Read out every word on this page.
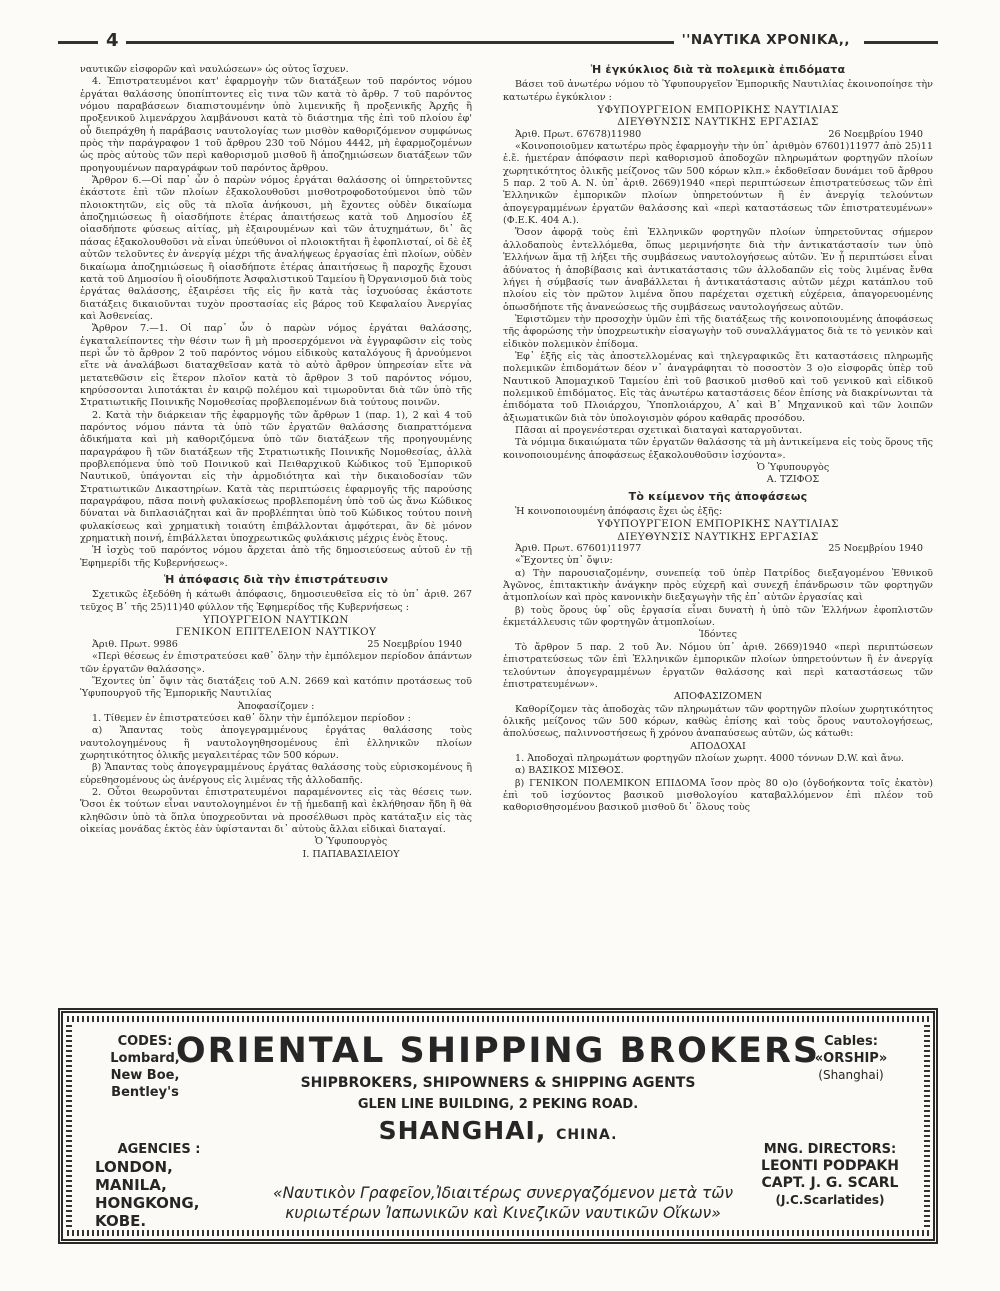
4	''ΝΑΥΤΙΚΑ ΧΡΟΝΙΚΑ,,

ναυτικῶν εἰσφορῶν καὶ ναυλώσεων» ὡς οὗτος ἴσχυεν.

4. Ἐπιστρατευμένοι κατ' ἐφαρμογὴν τῶν διατάξεων τοῦ παρόντος νόμου ἐργάται θαλάσσης ὑποπίπτοντες εἰς τινα τῶν κατὰ τὸ ἄρθρ. 7 τοῦ παρόντος νόμου παραβάσεων διαπιστουμένην ὑπὸ λιμενικῆς ἢ προξενικῆς Ἀρχῆς ἢ προξενικοῦ λιμενάρχου λαμβάνουσι κατὰ τὸ διάστημα τῆς ἐπὶ τοῦ πλοίου ἐφ' οὗ διεπράχθη ἡ παράβασις ναυτολογίας των μισθὸν καθοριζόμενον συμφώνως πρὸς τὴν παράγραφον 1 τοῦ ἄρθρου 230 τοῦ Νόμου 4442, μὴ ἐφαρμοζομένων ὡς πρὸς αὐτοὺς τῶν περὶ καθορισμοῦ μισθοῦ ἢ ἀποζημιώσεων διατάξεων τῶν προηγουμένων παραγράφων τοῦ παρόντος ἄρθρου.

Ἄρθρον 6.—Οἱ παρ᾽ ὧν ὁ παρὼν νόμος ἐργάται θαλάσσης οἱ ὑπηρετοῦντες ἑκάστοτε ἐπὶ τῶν πλοίων ἐξακολουθοῦσι μισθοτροφοδοτούμενοι ὑπὸ τῶν πλοιοκτητῶν, εἰς οὓς τὰ πλοῖα ἀνήκουσι, μὴ ἔχοντες οὐδὲν δικαίωμα ἀποζημιώσεως ἢ οἱασδήποτε ἑτέρας ἀπαιτήσεως κατὰ τοῦ Δημοσίου ἐξ οἱασδήποτε φύσεως αἰτίας, μὴ ἐξαιρουμένων καὶ τῶν ἀτυχημάτων, δι᾽ ἃς πάσας ἐξακολουθοῦσι νὰ εἶναι ὑπεύθυνοι οἱ πλοιοκτῆται ἢ ἐφοπλισταί, οἱ δὲ ἐξ αὐτῶν τελοῦντες ἐν ἀνεργίᾳ μέχρι τῆς ἀναλήψεως ἐργασίας ἐπὶ πλοίων, οὐδὲν δικαίωμα ἀποζημιώσεως ἢ οἱασδήποτε ἑτέρας ἀπαιτήσεως ἢ παροχῆς ἔχουσι κατὰ τοῦ Δημοσίου ἢ οἱουδήποτε Ἀσφαλιστικοῦ Ταμείου ἢ Ὀργανισμοῦ διὰ τοὺς ἐργάτας θαλάσσης, ἐξαιρέσει τῆς εἰς ἣν κατὰ τὰς ἰσχυούσας ἑκάστοτε διατάξεις δικαιοῦνται τυχὸν προστασίας εἰς βάρος τοῦ Κεφαλαίου Ἀνεργίας καὶ Ἀσθενείας.

Ἄρθρον 7.—1. Οἱ παρ᾽ ὧν ὁ παρὼν νόμος ἐργάται θαλάσσης, ἐγκαταλείποντες τὴν θέσιν των ἢ μὴ προσερχόμενοι νὰ ἐγγραφῶσιν εἰς τοὺς περὶ ὧν τὸ ἄρθρον 2 τοῦ παρόντος νόμου εἰδικοὺς καταλόγους ἢ ἀρνούμενοι εἴτε νὰ ἀναλάβωσι διαταχθεῖσαν κατὰ τὸ αὐτὸ ἄρθρον ὑπηρεσίαν εἴτε νὰ μετατεθῶσιν εἰς ἕτερον πλοῖον κατὰ τὸ ἄρθρον 3 τοῦ παρόντος νόμου, κηρύσσονται λιποτάκται ἐν καιρῷ πολέμου καὶ τιμωροῦνται διὰ τῶν ὑπὸ τῆς Στρατιωτικῆς Ποινικῆς Νομοθεσίας προβλεπομένων διὰ τούτους ποινῶν.

2. Κατὰ τὴν διάρκειαν τῆς ἐφαρμογῆς τῶν ἄρθρων 1 (παρ. 1), 2 καὶ 4 τοῦ παρόντος νόμου πάντα τὰ ὑπὸ τῶν ἐργατῶν θαλάσσης διαπραττόμενα ἀδικήματα καὶ μὴ καθοριζόμενα ὑπὸ τῶν διατάξεων τῆς προηγουμένης παραγράφου ἢ τῶν διατάξεων τῆς Στρατιωτικῆς Ποινικῆς Νομοθεσίας, ἀλλὰ προβλεπόμενα ὑπὸ τοῦ Ποινικοῦ καὶ Πειθαρχικοῦ Κώδικος τοῦ Ἐμπορικοῦ Ναυτικοῦ, ὑπάγονται εἰς τὴν ἁρμοδιότητα καὶ τὴν δικαιοδοσίαν τῶν Στρατιωτικῶν Δικαστηρίων. Κατὰ τὰς περιπτώσεις ἐφαρμογῆς τῆς παρούσης παραγράφου, πᾶσα ποινὴ φυλακίσεως προβλεπομένη ὑπὸ τοῦ ὡς ἄνω Κώδικος δύναται νὰ διπλασιάζηται καὶ ἂν προβλέπηται ὑπὸ τοῦ Κώδικος τούτου ποινὴ φυλακίσεως καὶ χρηματικὴ τοιαύτη ἐπιβάλλονται ἀμφότεραι, ἂν δὲ μόνον χρηματικὴ ποινή, ἐπιβάλλεται ὑποχρεωτικῶς φυλάκισις μέχρις ἑνὸς ἔτους.

Ἡ ἰσχὺς τοῦ παρόντος νόμου ἄρχεται ἀπὸ τῆς δημοσιεύσεως αὐτοῦ ἐν τῇ Ἐφημερίδι τῆς Κυβερνήσεως».

Ἡ ἀπόφασις διὰ τὴν ἐπιστράτευσιν

Σχετικῶς ἐξεδόθη ἡ κάτωθι ἀπόφασις, δημοσιευθεῖσα εἰς τὸ ὑπ᾽ ἀριθ. 267 τεῦχος Β᾽ τῆς 25)11)40 φύλλον τῆς Ἐφημερίδος τῆς Κυβερνήσεως :

ΥΠΟΥΡΓΕΙΟΝ ΝΑΥΤΙΚΩΝ
ΓΕΝΙΚΟΝ ΕΠΙΤΕΛΕΙΟΝ ΝΑΥΤΙΚΟΥ
Ἀριθ. Πρωτ. 9986	25 Νοεμβρίου 1940

«Περὶ θέσεως ἐν ἐπιστρατεύσει καθ᾽ ὅλην τὴν ἐμπόλεμον περίοδον ἁπάντων τῶν ἐργατῶν θαλάσσης».

Ἔχοντες ὑπ᾽ ὄψιν τὰς διατάξεις τοῦ Α.Ν. 2669 καὶ κατόπιν προτάσεως τοῦ Ὑφυπουργοῦ τῆς Ἐμπορικῆς Ναυτιλίας

Ἀποφασίζομεν :

1. Τίθεμεν ἐν ἐπιστρατεύσει καθ᾽ ὅλην τὴν ἐμπόλεμον περίοδον :

α) Ἅπαντας τοὺς ἀπογεγραμμένους ἐργάτας θαλάσσης τοὺς ναυτολογημένους ἢ ναυτολογηθησομένους ἐπὶ ἑλληνικῶν πλοίων χωρητικότητος ὁλικῆς μεγαλειτέρας τῶν 500 κόρων.

β) Ἅπαντας τοὺς ἀπογεγραμμένους ἐργάτας θαλάσσης τοὺς εὑρισκομένους ἢ εὑρεθησομένους ὡς ἀνέργους εἰς λιμένας τῆς ἀλλοδαπῆς.

2. Οὗτοι θεωροῦνται ἐπιστρατευμένοι παραμένοντες εἰς τὰς θέσεις των. Ὅσοι ἐκ τούτων εἶναι ναυτολογημένοι ἐν τῇ ἡμεδαπῇ καὶ ἐκλήθησαν ἤδη ἢ θὰ κληθῶσιν ὑπὸ τὰ ὅπλα ὑποχρεοῦνται νὰ προσέλθωσι πρὸς κατάταξιν εἰς τὰς οἰκείας μονάδας ἐκτὸς ἐὰν ὑφίστανται δι᾽ αὐτοὺς ἄλλαι εἰδικαὶ διαταγαί.

Ὁ Ὑφυπουργὸς
Ι. ΠΑΠΑΒΑΣΙΛΕΙΟΥ
Ἡ ἐγκύκλιος διὰ τὰ πολεμικὰ ἐπιδόματα

Βάσει τοῦ ἀνωτέρω νόμου τὸ Ὑφυπουργεῖον Ἐμπορικῆς Ναυτιλίας ἐκοινοποίησε τὴν κατωτέρω ἐγκύκλιον :

ΥΦΥΠΟΥΡΓΕΙΟΝ ΕΜΠΟΡΙΚΗΣ ΝΑΥΤΙΛΙΑΣ
ΔΙΕΥΘΥΝΣΙΣ ΝΑΥΤΙΚΗΣ ΕΡΓΑΣΙΑΣ
Ἀριθ. Πρωτ. 67678)11980	26 Νοεμβρίου 1940

«Κοινοποιοῦμεν κατωτέρω πρὸς ἐφαρμογὴν τὴν ὑπ᾽ ἀριθμὸν 67601)11977 ἀπὸ 25)11 ἐ.ἔ. ἡμετέραν ἀπόφασιν περὶ καθορισμοῦ ἀποδοχῶν πληρωμάτων φορτηγῶν πλοίων χωρητικότητος ὁλικῆς μείζονος τῶν 500 κόρων κλπ.» ἐκδοθεῖσαν δυνάμει τοῦ ἄρθρου 5 παρ. 2 τοῦ Α. Ν. ὑπ᾽ ἀριθ. 2669)1940 «περὶ περιπτώσεων ἐπιστρατεύσεως τῶν ἐπὶ Ἑλληνικῶν ἐμπορικῶν πλοίων ὑπηρετούντων ἢ ἐν ἀνεργίᾳ τελούντων ἀπογεγραμμένων ἐργατῶν θαλάσσης καὶ «περὶ καταστάσεως τῶν ἐπιστρατευμένων» (Φ.Ε.Κ. 404 Α.).

Ὅσον ἀφορᾷ τοὺς ἐπὶ Ἑλληνικῶν φορτηγῶν πλοίων ὑπηρετοῦντας σήμερον ἀλλοδαποὺς ἐντελλόμεθα, ὅπως μεριμνήσητε διὰ τὴν ἀντικατάστασίν των ὑπὸ Ἑλλήνων ἅμα τῇ λήξει τῆς συμβάσεως ναυτολογήσεως αὐτῶν. Ἐν ᾗ περιπτώσει εἶναι ἀδύνατος ἡ ἀποβίβασις καὶ ἀντικατάστασις τῶν ἀλλοδαπῶν εἰς τοὺς λιμένας ἔνθα λήγει ἡ σύμβασίς των ἀναβάλλεται ἡ ἀντικατάστασις αὐτῶν μέχρι κατάπλου τοῦ πλοίου εἰς τὸν πρῶτον λιμένα ὅπου παρέχεται σχετικὴ εὐχέρεια, ἀπαγορευομένης ὁπωσδήποτε τῆς ἀνανεώσεως τῆς συμβάσεως ναυτολογήσεως αὐτῶν.

Ἐφιστῶμεν τὴν προσοχὴν ὑμῶν ἐπὶ τῆς διατάξεως τῆς κοινοποιουμένης ἀποφάσεως τῆς ἀφορώσης τὴν ὑποχρεωτικὴν εἰσαγωγὴν τοῦ συναλλάγματος διὰ τε τὸ γενικὸν καὶ εἰδικὸν πολεμικὸν ἐπίδομα.

Ἐφ᾽ ἑξῆς εἰς τὰς ἀποστελλομένας καὶ τηλεγραφικῶς ἔτι καταστάσεις πληρωμῆς πολεμικῶν ἐπιδομάτων δέον ν᾽ ἀναγράφηται τὸ ποσοστὸν 3 ο)ο εἰσφορᾶς ὑπὲρ τοῦ Ναυτικοῦ Ἀπομαχικοῦ Ταμείου ἐπὶ τοῦ βασικοῦ μισθοῦ καὶ τοῦ γενικοῦ καὶ εἰδικοῦ πολεμικοῦ ἐπιδόματος. Εἰς τὰς ἀνωτέρω καταστάσεις δέον ἐπίσης νὰ διακρίνωνται τὰ ἐπιδόματα τοῦ Πλοιάρχου, Ὑποπλοιάρχου, Α᾽ καὶ Β᾽ Μηχανικοῦ καὶ τῶν λοιπῶν ἀξιωματικῶν διὰ τὸν ὑπολογισμὸν φόρου καθαρᾶς προσόδου.

Πᾶσαι αἱ προγενέστεραι σχετικαὶ διαταγαὶ καταργοῦνται.

Τὰ νόμιμα δικαιώματα τῶν ἐργατῶν θαλάσσης τὰ μὴ ἀντικείμενα εἰς τοὺς ὅρους τῆς κοινοποιουμένης ἀποφάσεως ἐξακολουθοῦσιν ἰσχύοντα».

Ὁ Ὑφυπουργὸς
Α. ΤΖΙΦΟΣ
Τὸ κείμενον τῆς ἀποφάσεως

Ἡ κοινοποιουμένη ἀπόφασις ἔχει ὡς ἑξῆς:

ΥΦΥΠΟΥΡΓΕΙΟΝ ΕΜΠΟΡΙΚΗΣ ΝΑΥΤΙΛΙΑΣ
ΔΙΕΥΘΥΝΣΙΣ ΝΑΥΤΙΚΗΣ ΕΡΓΑΣΙΑΣ
Ἀριθ. Πρωτ. 67601)11977	25 Νοεμβρίου 1940

«Ἔχοντες ὑπ᾽ ὄψιν:

α) Τὴν παρουσιαζομένην, συνεπείᾳ τοῦ ὑπὲρ Πατρίδος διεξαγομένου Ἐθνικοῦ Ἀγῶνος, ἐπιτακτικὴν ἀνάγκην πρὸς εὐχερῆ καὶ συνεχῆ ἐπάνδρωσιν τῶν φορτηγῶν ἀτμοπλοίων καὶ πρὸς κανονικὴν διεξαγωγὴν τῆς ἐπ᾽ αὐτῶν ἐργασίας καὶ

β) τοὺς ὅρους ὑφ᾽ οὓς ἐργασία εἶναι δυνατὴ ἡ ὑπὸ τῶν Ἑλλήνων ἐφοπλιστῶν ἐκμετάλλευσις τῶν φορτηγῶν ἀτμοπλοίων.

Ἰδόντες

Τὸ ἄρθρον 5 παρ. 2 τοῦ Ἀν. Νόμου ὑπ᾽ ἀριθ. 2669)1940 «περὶ περιπτώσεων ἐπιστρατεύσεως τῶν ἐπὶ Ἑλληνικῶν ἐμπορικῶν πλοίων ὑπηρετούντων ἢ ἐν ἀνεργίᾳ τελούντων ἀπογεγραμμένων ἐργατῶν θαλάσσης καὶ περὶ καταστάσεως τῶν ἐπιστρατευμένων».

ΑΠΟΦΑΣΙΖΟΜΕΝ

Καθορίζομεν τὰς ἀποδοχὰς τῶν πληρωμάτων τῶν φορτηγῶν πλοίων χωρητικότητος ὁλικῆς μείζονος τῶν 500 κόρων, καθὼς ἐπίσης καὶ τοὺς ὅρους ναυτολογήσεως, ἀπολύσεως, παλιννοστήσεως ἢ χρόνου ἀναπαύσεως αὐτῶν, ὡς κάτωθι:

ΑΠΟΔΟΧΑΙ

1. Ἀποδοχαὶ πληρωμάτων φορτηγῶν πλοίων χωρητ. 4000 τόννων D.W. καὶ ἄνω.

α) ΒΑΣΙΚΟΣ ΜΙΣΘΟΣ.

β) ΓΕΝΙΚΟΝ ΠΟΛΕΜΙΚΟΝ ΕΠΙΔΟΜΑ ἴσον πρὸς 80 ο)ο (ὀγδοήκοντα τοῖς ἑκατὸν) ἐπὶ τοῦ ἰσχύοντος βασικοῦ μισθολογίου καταβαλλόμενον ἐπὶ πλέον τοῦ καθορισθησομένου βασικοῦ μισθοῦ δι᾽ ὅλους τοὺς

CODES:
Lombard,
New Boe,
Bentley's
ORIENTAL SHIPPING BROKERS
SHIPBROKERS, SHIPOWNERS & SHIPPING AGENTS
GLEN LINE BUILDING, 2 PEKING ROAD.
SHANGHAI, CHINA.
Cables:
«ORSHIP»
(Shanghai)
AGENCIES :
LONDON,
MANILA,
HONGKONG,
KOBE.
«Ναυτικὸν Γραφεῖον,Ἰδιαιτέρως συνεργαζόμενον μετὰ τῶν
κυριωτέρων Ἰαπωνικῶν καὶ Κινεζικῶν ναυτικῶν Οἴκων»
MNG. DIRECTORS:
LEONTI PODPAKH
CAPT. J. G. SCARL
(J.C.Scarlatides)
